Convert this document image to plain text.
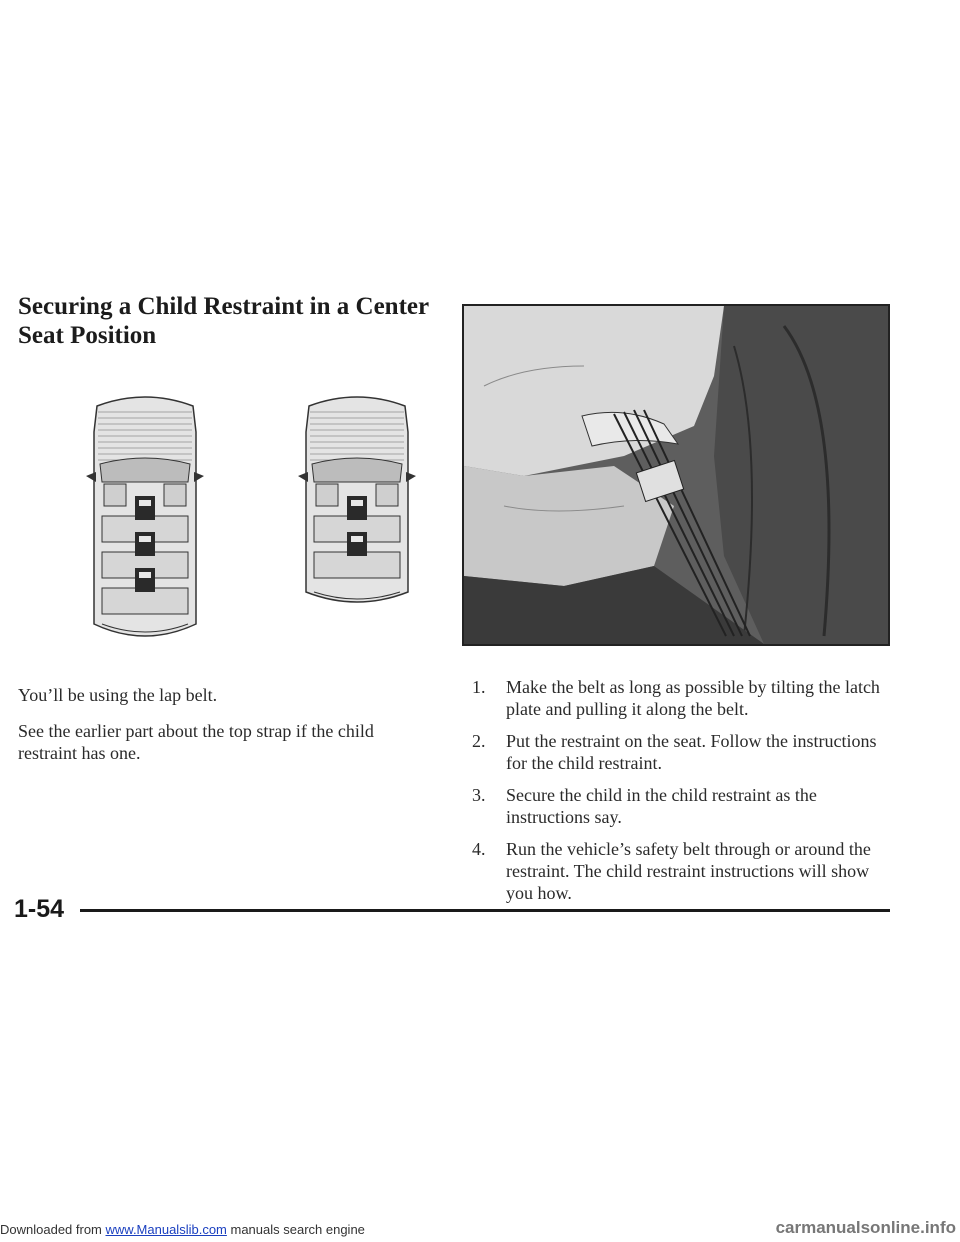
Securing a Child Restraint in a Center Seat Position
You’ll be using the lap belt.
See the earlier part about the top strap if the child restraint has one.
1.	Make the belt as long as possible by tilting the latch plate and pulling it along the belt.
2.	Put the restraint on the seat. Follow the instructions for the child restraint.
3.	Secure the child in the child restraint as the instructions say.
4.	Run the vehicle’s safety belt through or around the restraint. The child restraint instructions will show you how.
1-54
Downloaded from www.Manualslib.com manuals search engine	carmanualsonline.info
